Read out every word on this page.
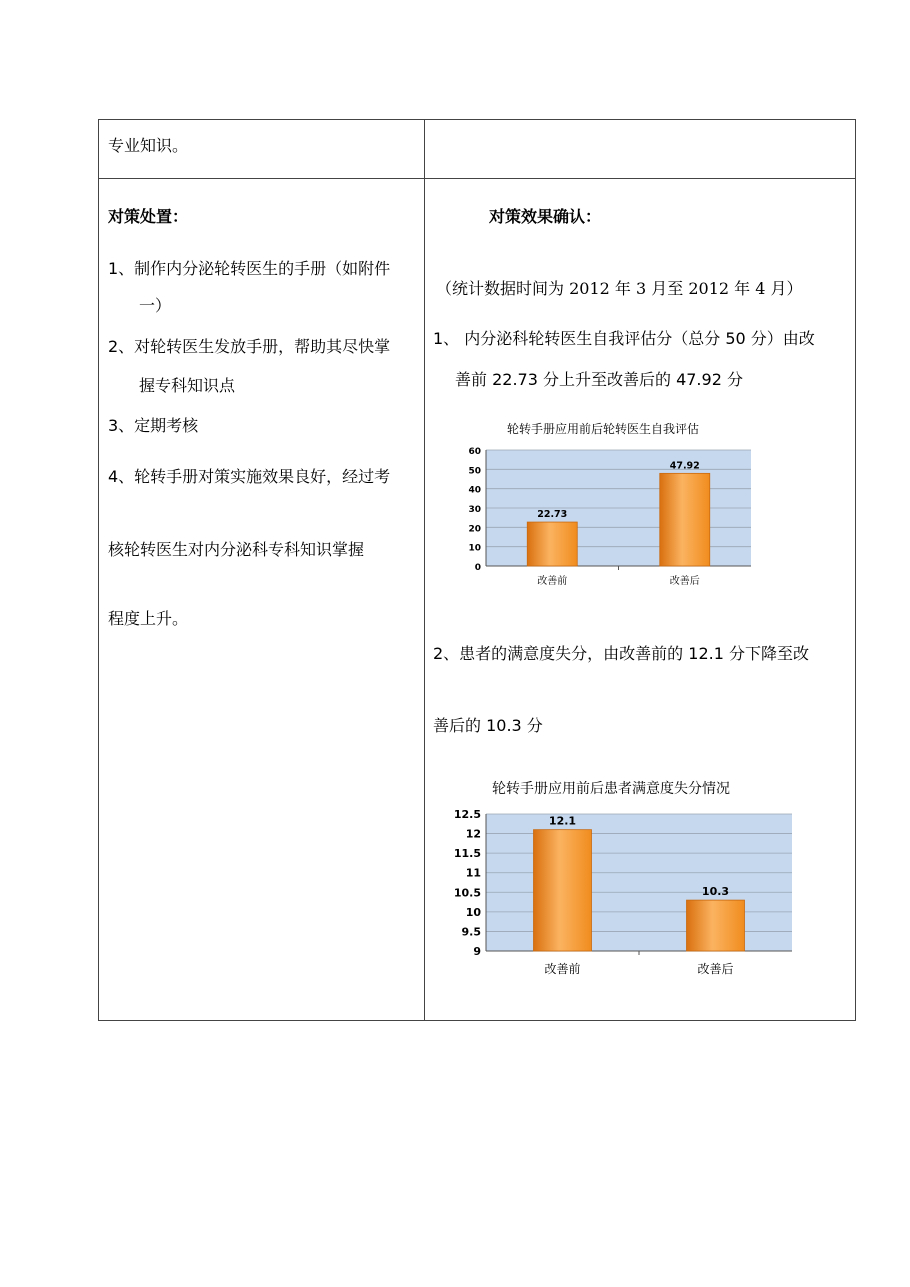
专业知识。
对策处置：
1、制作内分泌轮转医生的手册（如附件
一）
2、对轮转医生发放手册，帮助其尽快掌
握专科知识点
3、定期考核
4、轮转手册对策实施效果良好，经过考
核轮转医生对内分泌科专科知识掌握
程度上升。
对策效果确认：
（统计数据时间为 2012 年 3 月至 2012 年 4 月）
1、 内分泌科轮转医生自我评估分（总分 50 分）由改
善前 22.73 分上升至改善后的 47.92 分
轮转手册应用前后轮转医生自我评估
0
10
20
30
40
50
60
22.73
改善前
47.92
改善后
2、患者的满意度失分，由改善前的 12.1 分下降至改
善后的 10.3 分
轮转手册应用前后患者满意度失分情况
9
9.5
10
10.5
11
11.5
12
12.5
12.1
改善前
10.3
改善后
